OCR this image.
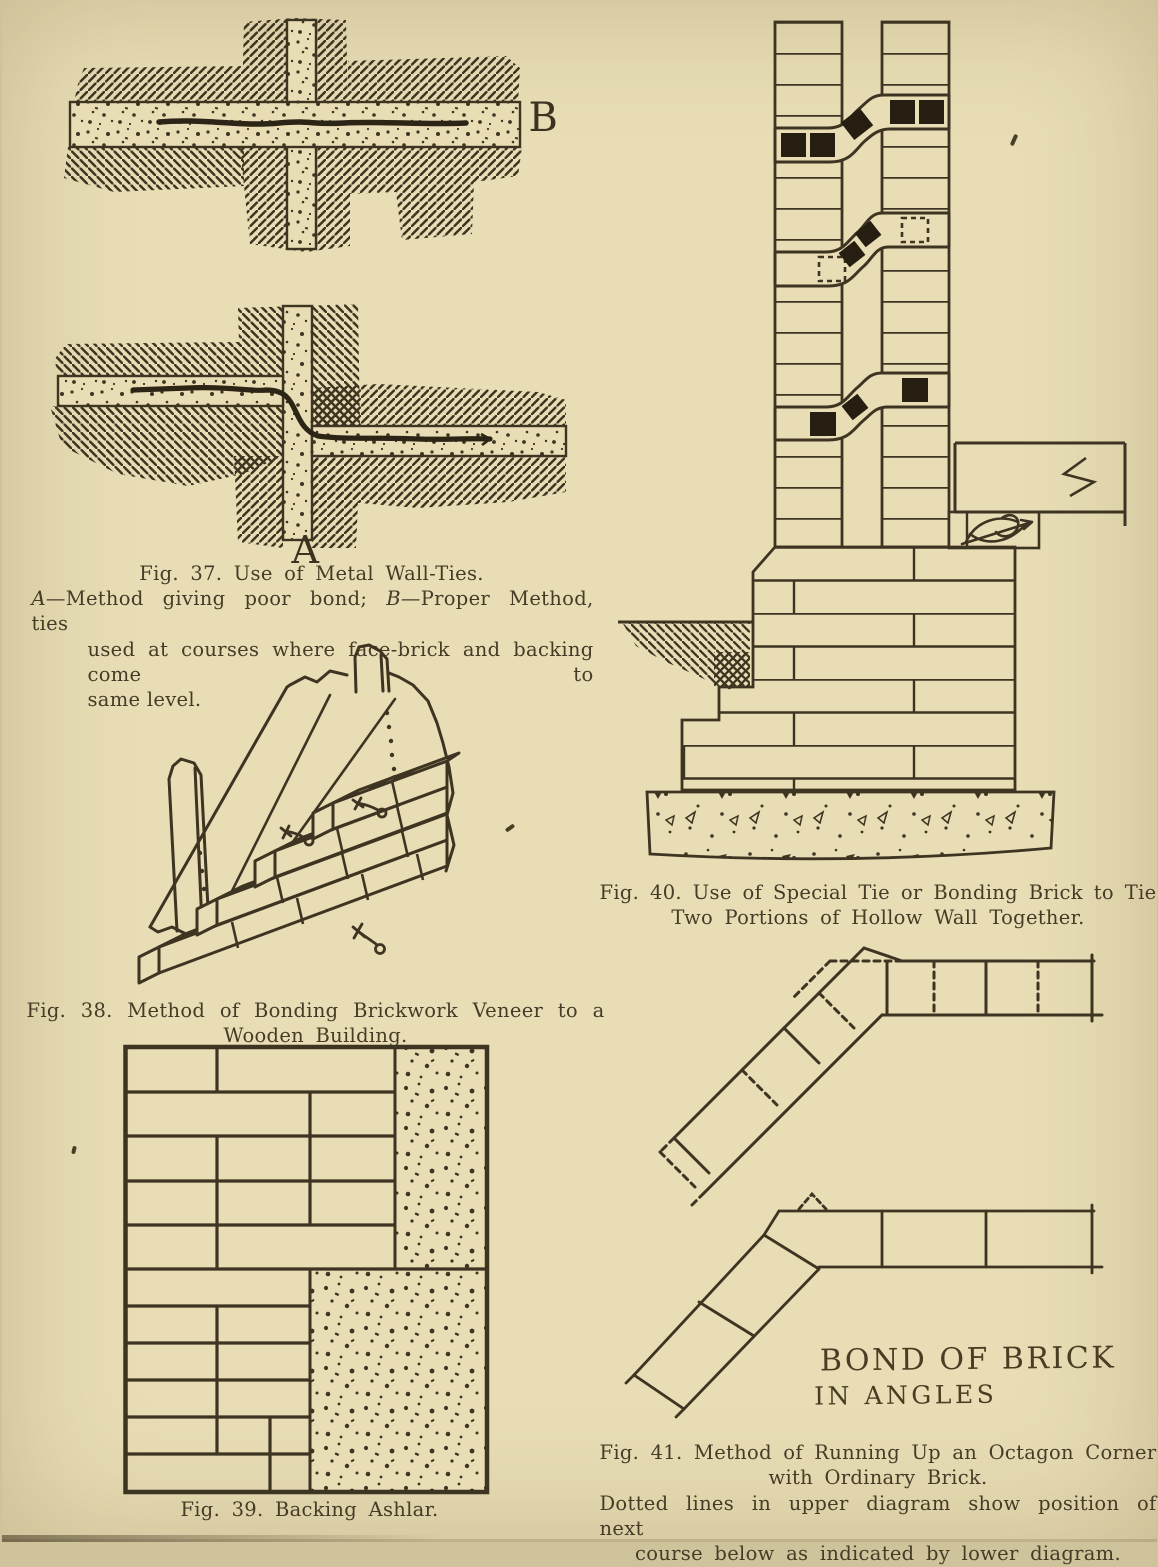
B
A
Fig. 37. Use of Metal Wall-Ties.
A—Method giving poor bond; B—Proper Method, ties
used at courses where face-brick and backing come to
same level.
Fig. 38. Method of Bonding Brickwork Veneer to a
Wooden Building.
Fig. 39. Backing Ashlar.
Fig. 40. Use of Special Tie or Bonding Brick to Tie
Two Portions of Hollow Wall Together.
BOND OF BRICK
IN ANGLES
Fig. 41. Method of Running Up an Octagon Corner
with Ordinary Brick.
Dotted lines in upper diagram show position of next
course below as indicated by lower diagram.
